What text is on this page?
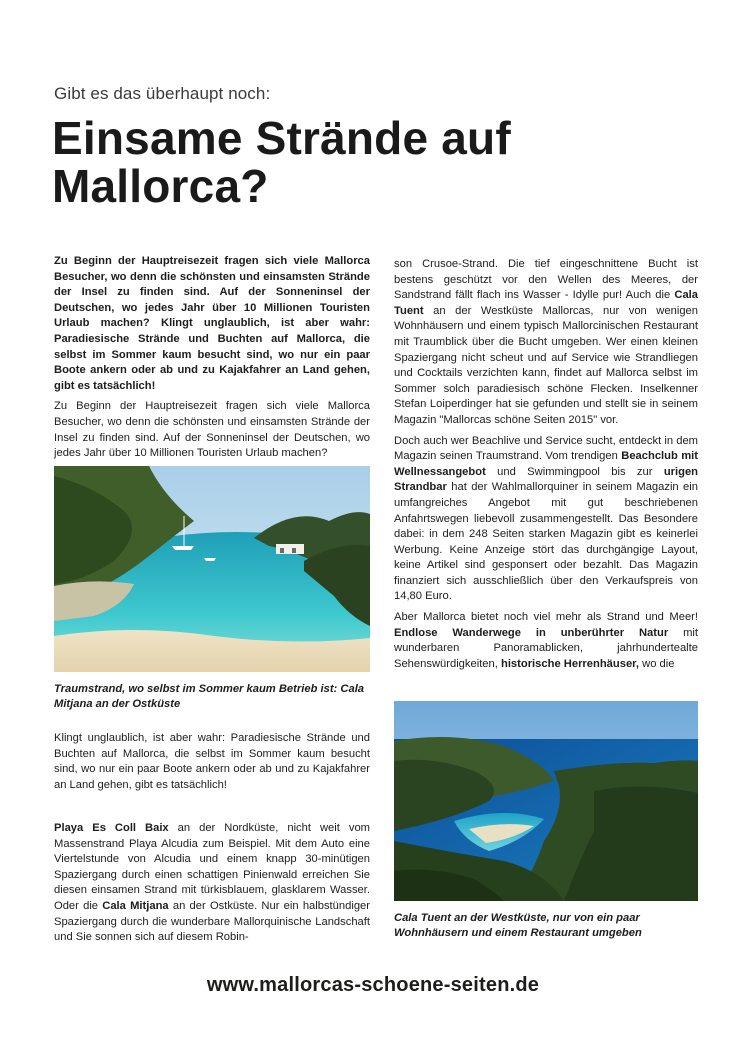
Gibt es das überhaupt noch:
Einsame Strände auf
Mallorca?

Zu Beginn der Hauptreisezeit fragen sich viele Mallorca Besucher, wo denn die schönsten und einsamsten Strände der Insel zu finden sind. Auf der Sonneninsel der Deutschen, wo jedes Jahr über 10 Millionen Touristen Urlaub machen? Klingt unglaublich, ist aber wahr: Paradiesische Strände und Buchten auf Mallorca, die selbst im Sommer kaum besucht sind, wo nur ein paar Boote ankern oder ab und zu Kajakfahrer an Land gehen, gibt es tatsächlich!

Zu Beginn der Hauptreisezeit fragen sich viele Mallorca Besucher, wo denn die schönsten und einsamsten Strände der Insel zu finden sind. Auf der Sonneninsel der Deutschen, wo jedes Jahr über 10 Millionen Touristen Urlaub machen?

Traumstrand, wo selbst im Sommer kaum Betrieb ist: Cala Mitjana an der Ostküste

Klingt unglaublich, ist aber wahr: Paradiesische Strände und Buchten auf Mallorca, die selbst im Sommer kaum besucht sind, wo nur ein paar Boote ankern oder ab und zu Kajakfahrer an Land gehen, gibt es tatsächlich!

Playa Es Coll Baix an der Nordküste, nicht weit vom Massenstrand Playa Alcudia zum Beispiel. Mit dem Auto eine Viertelstunde von Alcudia und einem knapp 30-minütigen Spaziergang durch einen schattigen Pinienwald erreichen Sie diesen einsamen Strand mit türkisblauem, glasklarem Wasser. Oder die Cala Mitjana an der Ostküste. Nur ein halbstündiger Spaziergang durch die wunderbare Mallorquinische Landschaft und Sie sonnen sich auf diesem Robin-

son Crusoe-Strand. Die tief eingeschnittene Bucht ist bestens geschützt vor den Wellen des Meeres, der Sandstrand fällt flach ins Wasser - Idylle pur! Auch die Cala Tuent an der Westküste Mallorcas, nur von wenigen Wohnhäusern und einem typisch Mallorcinischen Restaurant mit Traumblick über die Bucht umgeben. Wer einen kleinen Spaziergang nicht scheut und auf Service wie Strandliegen und Cocktails verzichten kann, findet auf Mallorca selbst im Sommer solch paradiesisch schöne Flecken. Inselkenner Stefan Loiperdinger hat sie gefunden und stellt sie in seinem Magazin "Mallorcas schöne Seiten 2015" vor.

Doch auch wer Beachlive und Service sucht, entdeckt in dem Magazin seinen Traumstrand. Vom trendigen Beachclub mit Wellnessangebot und Swimmingpool bis zur urigen Strandbar hat der Wahlmallorquiner in seinem Magazin ein umfangreiches Angebot mit gut beschriebenen Anfahrtswegen liebevoll zusammengestellt. Das Besondere dabei: in dem 248 Seiten starken Magazin gibt es keinerlei Werbung. Keine Anzeige stört das durchgängige Layout, keine Artikel sind gesponsert oder bezahlt. Das Magazin finanziert sich ausschließlich über den Verkaufspreis von 14,80 Euro.

Aber Mallorca bietet noch viel mehr als Strand und Meer! Endlose Wanderwege in unberührter Natur mit wunderbaren Panoramablicken, jahrhundertealte Sehenswürdigkeiten, historische Herrenhäuser, wo die

Cala Tuent an der Westküste, nur von ein paar Wohnhäusern und einem Restaurant umgeben
www.mallorcas-schoene-seiten.de
